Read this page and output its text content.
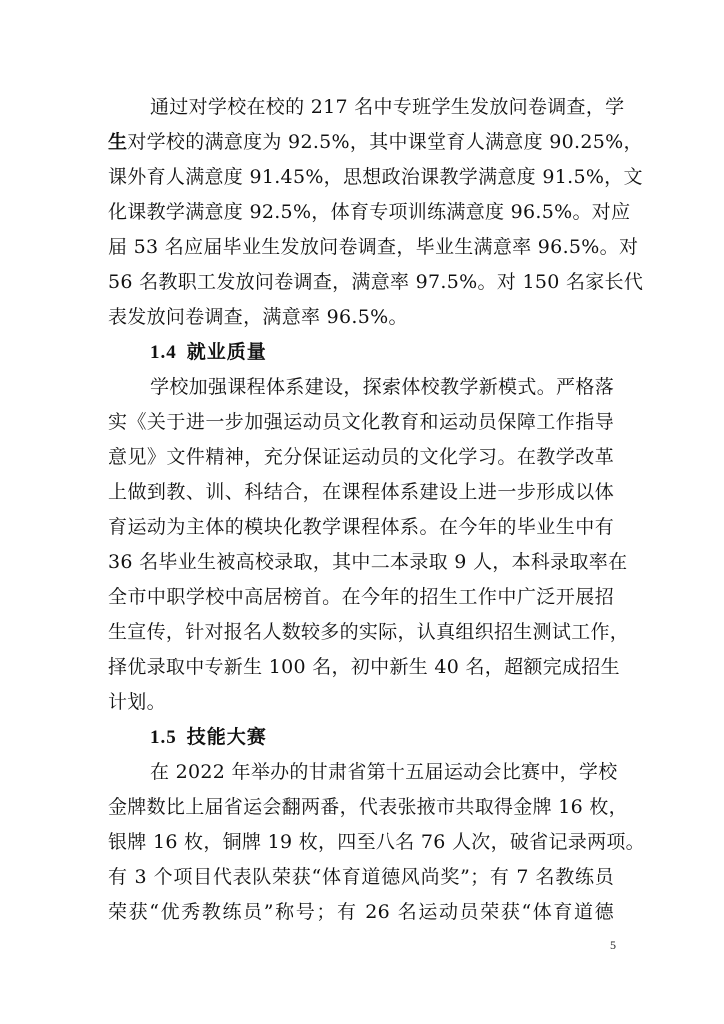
通过对学校在校的 217 名中专班学生发放问卷调查，学
生对学校的满意度为 92.5%，其中课堂育人满意度 90.25%，
课外育人满意度 91.45%，思想政治课教学满意度 91.5%，文
化课教学满意度 92.5%，体育专项训练满意度 96.5%。对应
届 53 名应届毕业生发放问卷调查，毕业生满意率 96.5%。对
56 名教职工发放问卷调查，满意率 97.5%。对 150 名家长代
表发放问卷调查，满意率 96.5%。
1.4 就业质量
学校加强课程体系建设，探索体校教学新模式。严格落
实《关于进一步加强运动员文化教育和运动员保障工作指导
意见》文件精神，充分保证运动员的文化学习。在教学改革
上做到教、训、科结合，在课程体系建设上进一步形成以体
育运动为主体的模块化教学课程体系。在今年的毕业生中有
36 名毕业生被高校录取，其中二本录取 9 人，本科录取率在
全市中职学校中高居榜首。在今年的招生工作中广泛开展招
生宣传，针对报名人数较多的实际，认真组织招生测试工作，
择优录取中专新生 100 名，初中新生 40 名，超额完成招生
计划。
1.5 技能大赛
在 2022 年举办的甘肃省第十五届运动会比赛中，学校
金牌数比上届省运会翻两番，代表张掖市共取得金牌 16 枚，
银牌 16 枚，铜牌 19 枚，四至八名 76 人次，破省记录两项。
有 3 个项目代表队荣获“体育道德风尚奖”；有 7 名教练员
荣获“优秀教练员”称号；有 26 名运动员荣获“体育道德
5
